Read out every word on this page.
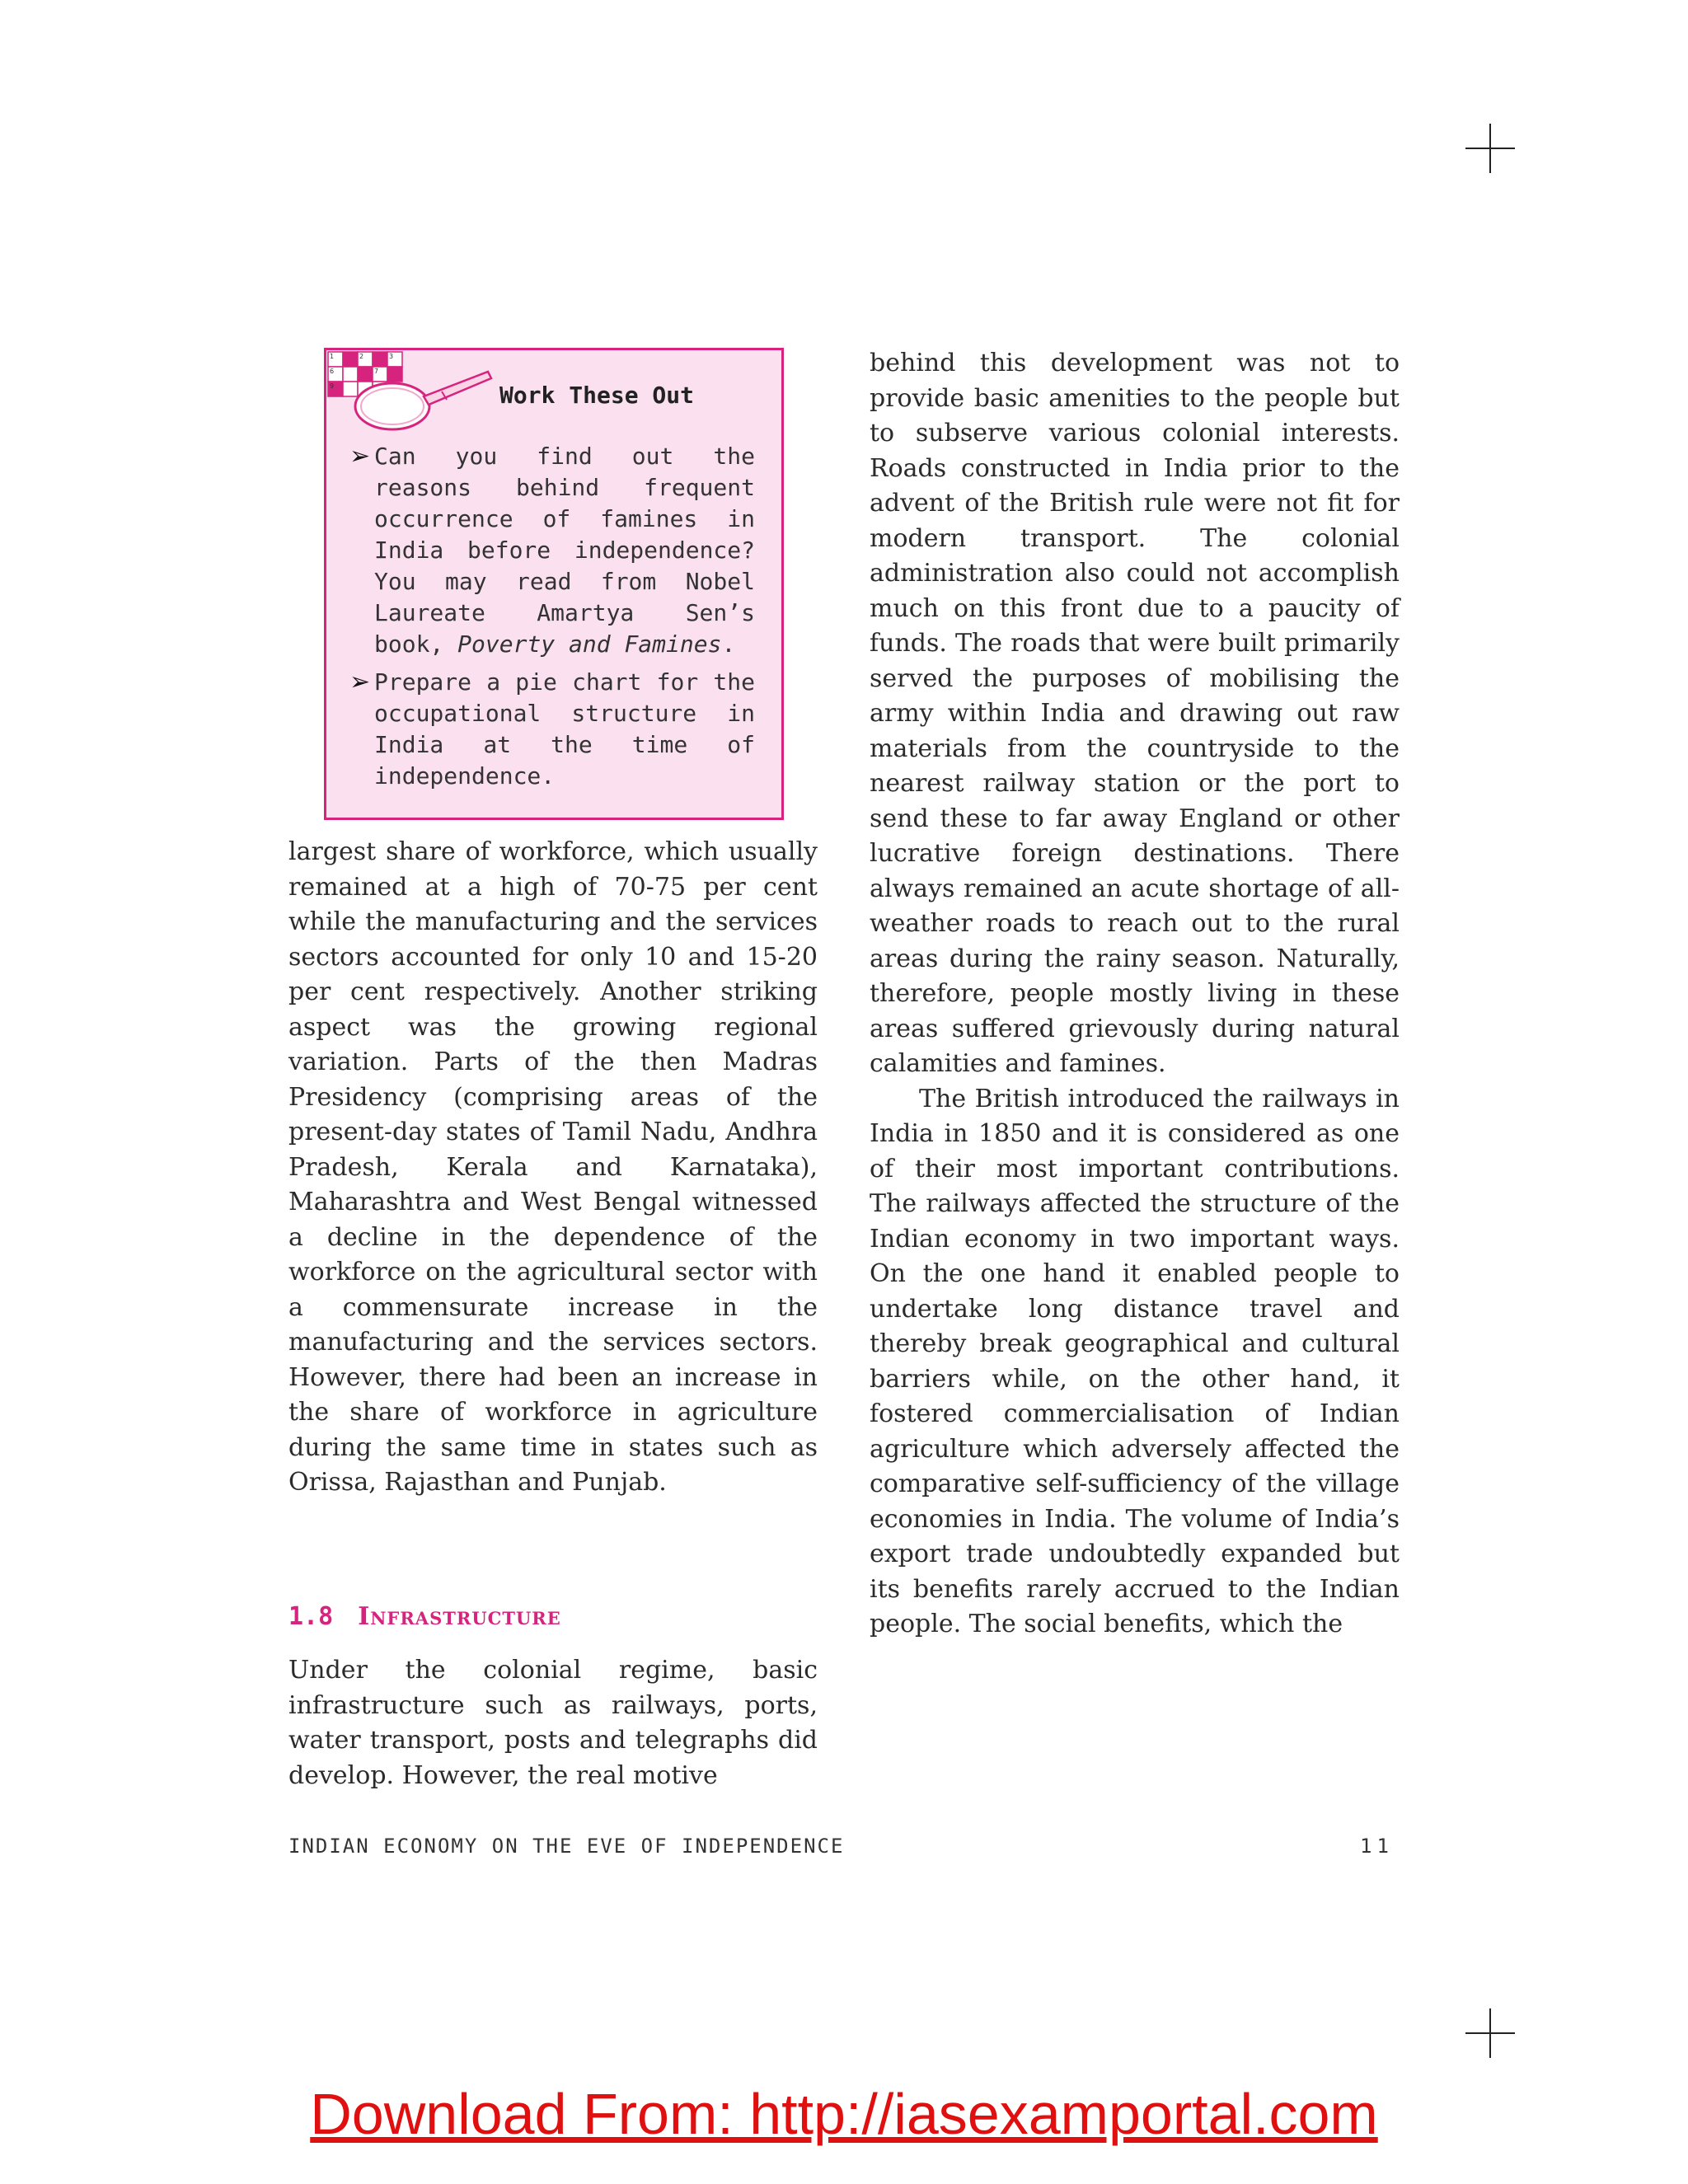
1	2	3
6	7
9	Work These Out
➢ Can you find out the reasons behind frequent occurrence of famines in India before independence? You may read from Nobel Laureate Amartya Sen’s book, Poverty and Famines.
➢ Prepare a pie chart for the occupational structure in India at the time of independence.

largest share of workforce, which usually remained at a high of 70-75 per cent while the manufacturing and the services sectors accounted for only 10 and 15-20 per cent respectively. Another striking aspect was the growing regional variation. Parts of the then Madras Presidency (comprising areas of the present-day states of Tamil Nadu, Andhra Pradesh, Kerala and Karnataka), Maharashtra and West Bengal witnessed a decline in the dependence of the workforce on the agricultural sector with a commensurate increase in the manufacturing and the services sectors. However, there had been an increase in the share of workforce in agriculture during the same time in states such as Orissa, Rajasthan and Punjab.

1.8 Infrastructure

Under the colonial regime, basic infrastructure such as railways, ports, water transport, posts and telegraphs did develop. However, the real motive

behind this development was not to provide basic amenities to the people but to subserve various colonial interests. Roads constructed in India prior to the advent of the British rule were not fit for modern transport. The colonial administration also could not accomplish much on this front due to a paucity of funds. The roads that were built primarily served the purposes of mobilising the army within India and drawing out raw materials from the countryside to the nearest railway station or the port to send these to far away England or other lucrative foreign destinations. There always remained an acute shortage of all-weather roads to reach out to the rural areas during the rainy season. Naturally, therefore, people mostly living in these areas suffered grievously during natural calamities and famines.

The British introduced the railways in India in 1850 and it is considered as one of their most important contributions. The railways affected the structure of the Indian economy in two important ways. On the one hand it enabled people to undertake long distance travel and thereby break geographical and cultural barriers while, on the other hand, it fostered commercialisation of Indian agriculture which adversely affected the comparative self-sufficiency of the village economies in India. The volume of India’s export trade undoubtedly expanded but its benefits rarely accrued to the Indian people. The social benefits, which the

INDIAN ECONOMY ON THE EVE OF INDEPENDENCE	11
Download From: http://iasexamportal.com
